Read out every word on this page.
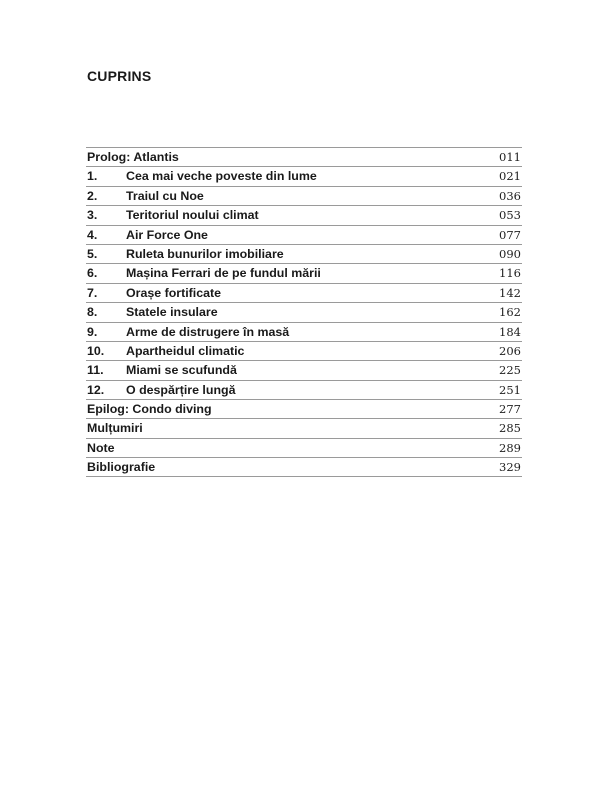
CUPRINS
Prolog: Atlantis	011
1. Cea mai veche poveste din lume	021
2. Traiul cu Noe	036
3. Teritoriul noului climat	053
4. Air Force One	077
5. Ruleta bunurilor imobiliare	090
6. Mașina Ferrari de pe fundul mării	116
7. Orașe fortificate	142
8. Statele insulare	162
9. Arme de distrugere în masă	184
10. Apartheidul climatic	206
11. Miami se scufundă	225
12. O despărțire lungă	251
Epilog: Condo diving	277
Mulțumiri	285
Note	289
Bibliografie	329
